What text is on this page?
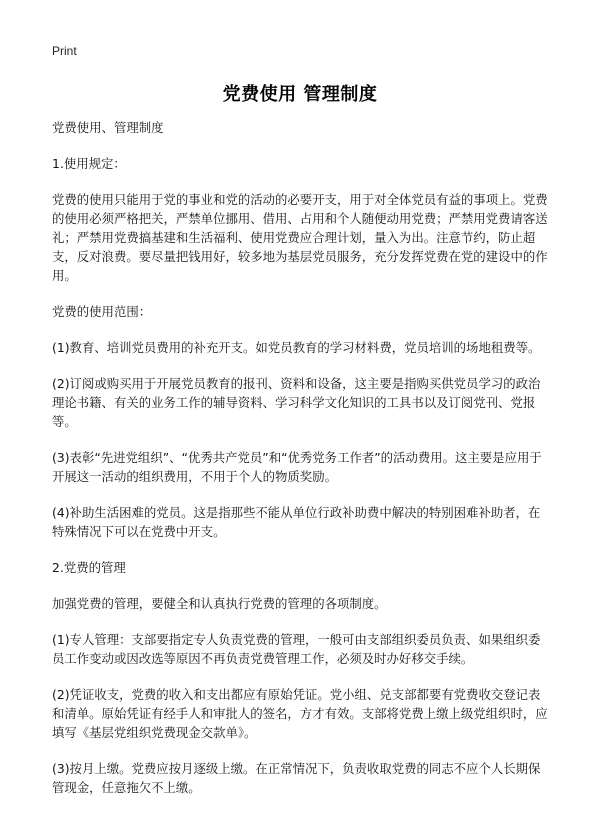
Print
党费使用 管理制度

党费使用、管理制度

1.使用规定：

党费的使用只能用于党的事业和党的活动的必要开支，用于对全体党员有益的事项上。党费的使用必须严格把关，严禁单位挪用、借用、占用和个人随便动用党费；严禁用党费请客送礼；严禁用党费搞基建和生活福利、使用党费应合理计划，量入为出。注意节约，防止超支，反对浪费。要尽量把钱用好，较多地为基层党员服务，充分发挥党费在党的建设中的作用。

党费的使用范围：

(1)教育、培训党员费用的补充开支。如党员教育的学习材料费，党员培训的场地租费等。

(2)订阅或购买用于开展党员教育的报刊、资料和设备，这主要是指购买供党员学习的政治理论书籍、有关的业务工作的辅导资料、学习科学文化知识的工具书以及订阅党刊、党报等。

(3)表彰“先进党组织”、“优秀共产党员”和“优秀党务工作者”的活动费用。这主要是应用于开展这一活动的组织费用，不用于个人的物质奖励。

(4)补助生活困难的党员。这是指那些不能从单位行政补助费中解决的特别困难补助者，在特殊情况下可以在党费中开支。

2.党费的管理

加强党费的管理，要健全和认真执行党费的管理的各项制度。

(1)专人管理：支部要指定专人负责党费的管理，一般可由支部组织委员负责、如果组织委员工作变动或因改选等原因不再负责党费管理工作，必须及时办好移交手续。

(2)凭证收支，党费的收入和支出都应有原始凭证。党小组、兑支部都要有党费收交登记表和清单。原始凭证有经手人和审批人的签名，方才有效。支部将党费上缴上级党组织时，应填写《基层党组织党费现金交款单》。

(3)按月上缴。党费应按月逐级上缴。在正常情况下，负责收取党费的同志不应个人长期保管现金，任意拖欠不上缴。
